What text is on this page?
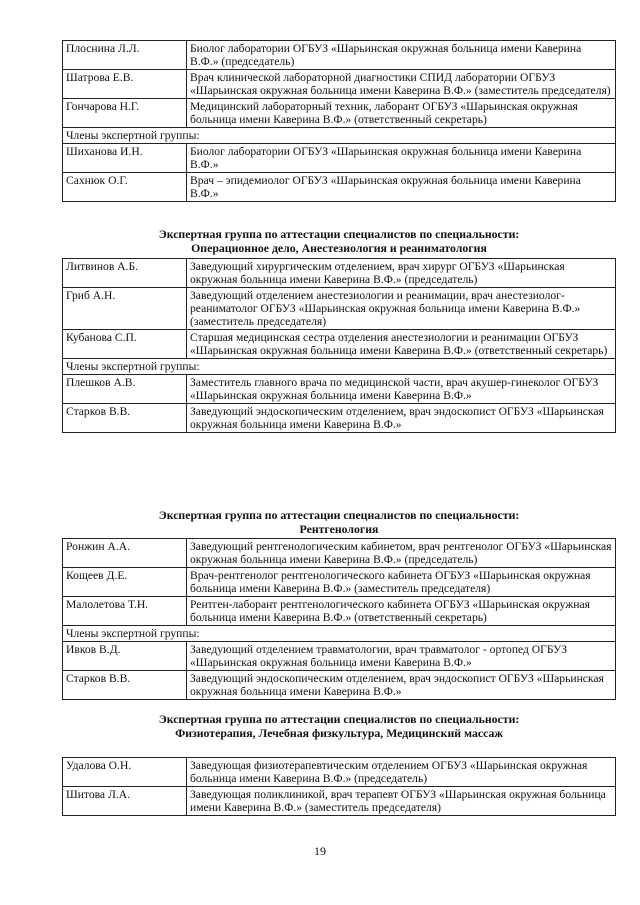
Плоснина Л.Л.	Биолог лаборатории ОГБУЗ «Шарьинская окружная больница имени Каверина В.Ф.» (председатель)
Шатрова Е.В.	Врач клинической лабораторной диагностики СПИД лаборатории ОГБУЗ «Шарьинская окружная больница имени Каверина В.Ф.» (заместитель председателя)
Гончарова Н.Г.	Медицинский лабораторный техник, лаборант ОГБУЗ «Шарьинская окружная больница имени Каверина В.Ф.» (ответственный секретарь)
Члены экспертной группы:	
Шиханова И.Н.	Биолог лаборатории ОГБУЗ «Шарьинская окружная больница имени Каверина В.Ф.»
Сахнюк О.Г.	Врач – эпидемиолог ОГБУЗ «Шарьинская окружная больница имени Каверина В.Ф.»
Экспертная группа по аттестации специалистов по специальности:
Операционное дело, Анестезиология и реаниматология
Литвинов А.Б.	Заведующий хирургическим отделением, врач хирург ОГБУЗ «Шарьинская окружная больница имени Каверина В.Ф.» (председатель)
Гриб А.Н.	Заведующий отделением анестезиологии и реанимации, врач анестезиолог-реаниматолог ОГБУЗ «Шарьинская окружная больница имени Каверина В.Ф.» (заместитель председателя)
Кубанова С.П.	Старшая медицинская сестра отделения анестезиологии и реанимации ОГБУЗ «Шарьинская окружная больница имени Каверина В.Ф.» (ответственный секретарь)
Члены экспертной группы:	
Плешков А.В.	Заместитель главного врача по медицинской части, врач акушер-гинеколог ОГБУЗ «Шарьинская окружная больница имени Каверина В.Ф.»
Старков В.В.	Заведующий эндоскопическим отделением, врач эндоскопист ОГБУЗ «Шарьинская окружная больница имени Каверина В.Ф.»
Экспертная группа по аттестации специалистов по специальности:
Рентгенология
Ронжин А.А.	Заведующий рентгенологическим кабинетом, врач рентгенолог ОГБУЗ «Шарьинская окружная больница имени Каверина В.Ф.» (председатель)
Кощеев Д.Е.	Врач-рентгенолог рентгенологического кабинета ОГБУЗ «Шарьинская окружная больница имени Каверина В.Ф.» (заместитель председателя)
Малолетова Т.Н.	Рентген-лаборант рентгенологического кабинета ОГБУЗ «Шарьинская окружная больница имени Каверина В.Ф.» (ответственный секретарь)
Члены экспертной группы:	
Ивков В.Д.	Заведующий отделением травматологии, врач травматолог - ортопед ОГБУЗ «Шарьинская окружная больница имени Каверина В.Ф.»
Старков В.В.	Заведующий эндоскопическим отделением, врач эндоскопист ОГБУЗ «Шарьинская окружная больница имени Каверина В.Ф.»
Экспертная группа по аттестации специалистов по специальности:
Физиотерапия, Лечебная физкультура, Медицинский массаж
Удалова О.Н.	Заведующая физиотерапевтическим отделением ОГБУЗ «Шарьинская окружная больница имени Каверина В.Ф.» (председатель)
Шитова Л.А.	Заведующая поликлиникой, врач терапевт ОГБУЗ «Шарьинская окружная больница имени Каверина В.Ф.» (заместитель председателя)
19
